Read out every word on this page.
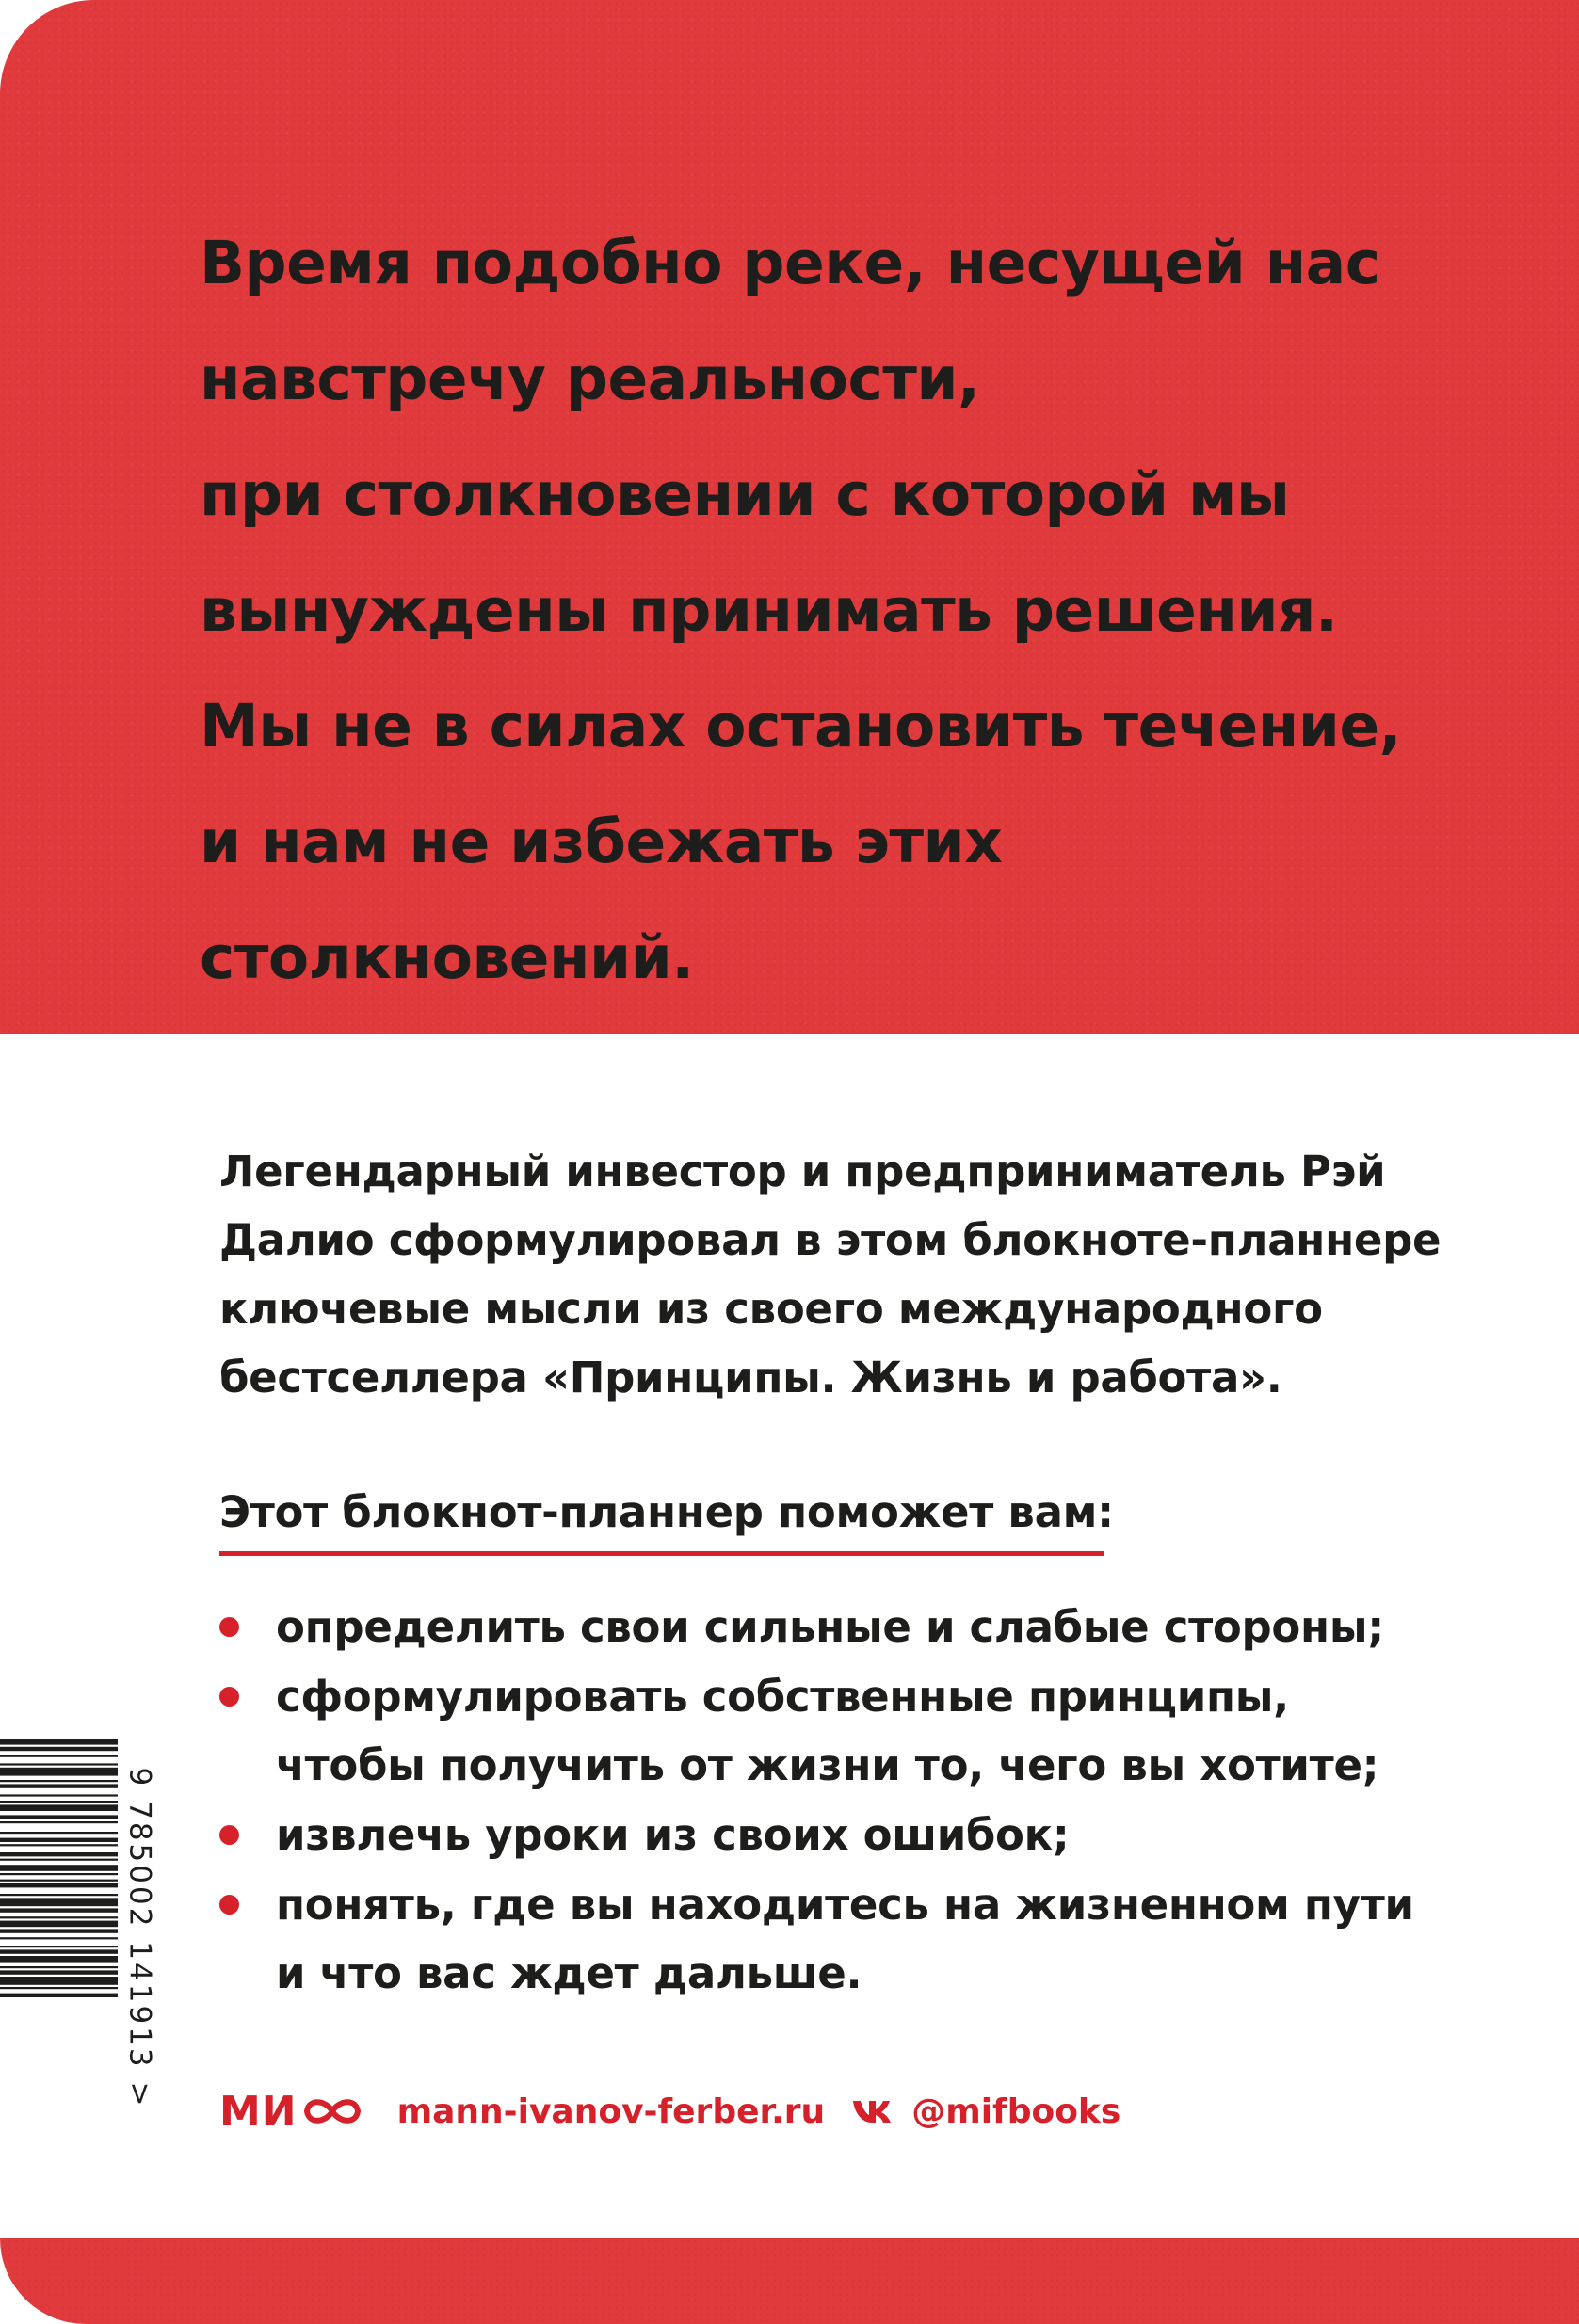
Время подобно реке, несущей нас
навстречу реальности,
при столкновении с которой мы
вынуждены принимать решения.
Мы не в силах остановить течение,
и нам не избежать этих
столкновений.

Легендарный инвестор и предприниматель Рэй
Далио сформулировал в этом блокноте-планнере
ключевые мысли из своего международного
бестселлера «Принципы. Жизнь и работа».

Этот блокнот-планнер поможет вам:

определить свои сильные и слабые стороны;
сформулировать собственные принципы,
чтобы получить от жизни то, чего вы хотите;
извлечь уроки из своих ошибок;
понять, где вы находитесь на жизненном пути
и что вас ждет дальше.
9 785002 141913 >
МИ	mann-ivanov-ferber.ru	@mifbooks
